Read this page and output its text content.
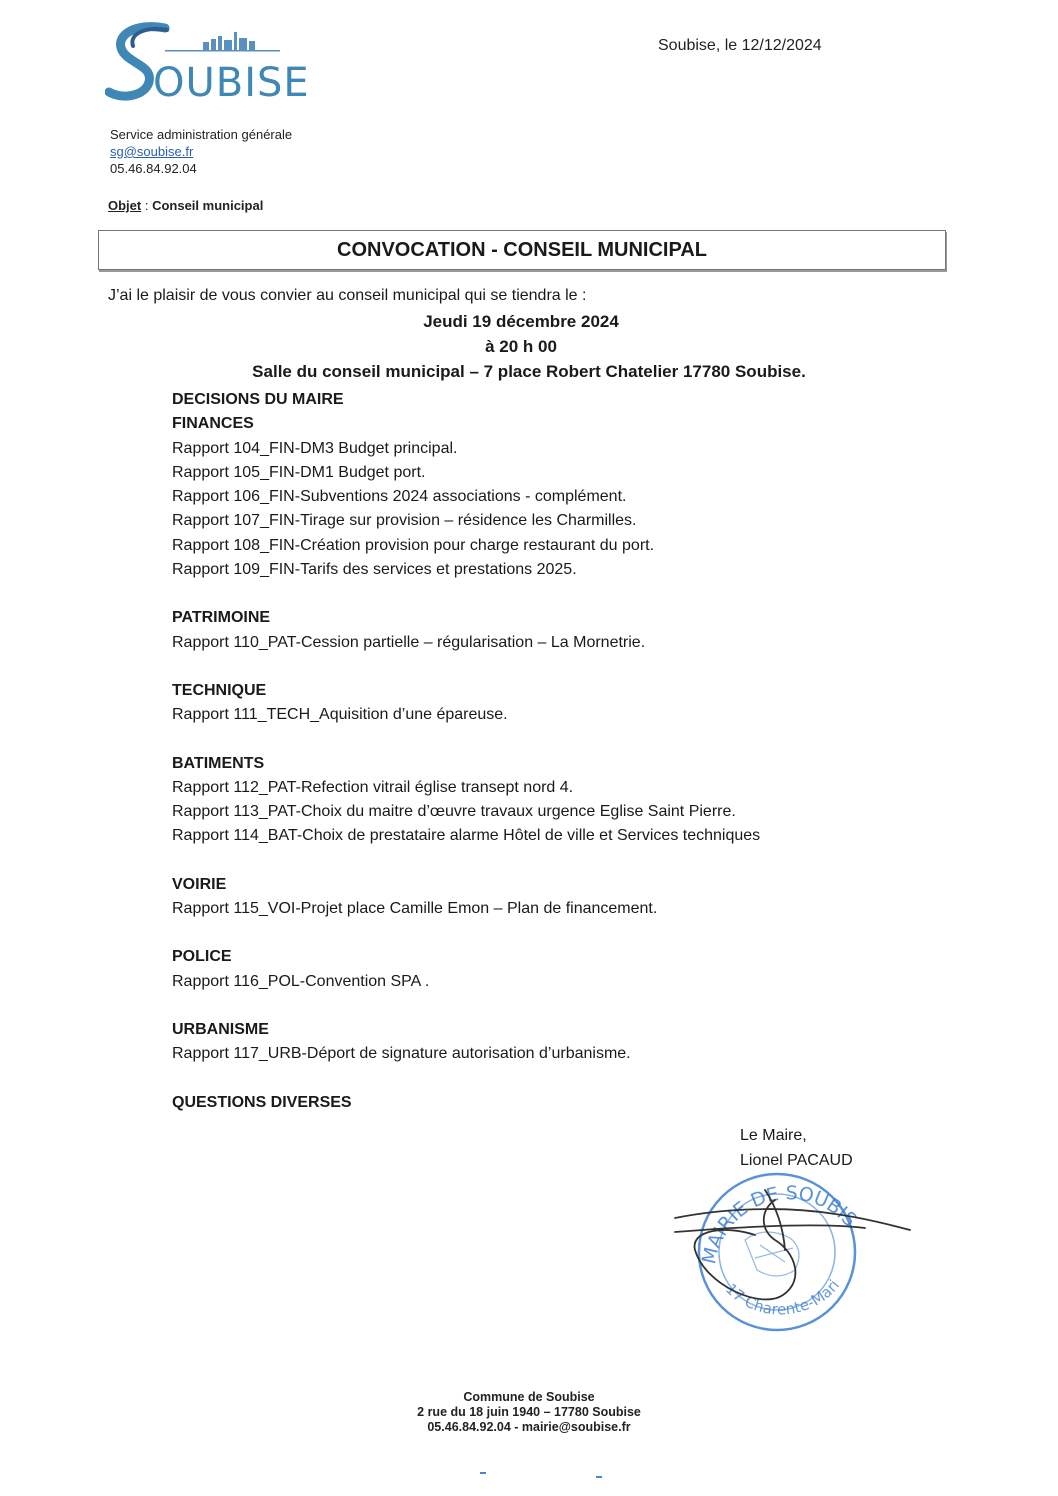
OUBISE
Soubise, le 12/12/2024
Service administration générale
sg@soubise.fr
05.46.84.92.04
Objet : Conseil municipal
CONVOCATION - CONSEIL MUNICIPAL
J’ai le plaisir de vous convier au conseil municipal qui se tiendra le :
Jeudi 19 décembre 2024
à 20 h 00
Salle du conseil municipal – 7 place Robert Chatelier 17780 Soubise.
DECISIONS DU MAIRE
FINANCES
Rapport 104_FIN-DM3 Budget principal.
Rapport 105_FIN-DM1 Budget port.
Rapport 106_FIN-Subventions 2024 associations - complément.
Rapport 107_FIN-Tirage sur provision – résidence les Charmilles.
Rapport 108_FIN-Création provision pour charge restaurant du port.
Rapport 109_FIN-Tarifs des services et prestations 2025.
PATRIMOINE
Rapport 110_PAT-Cession partielle – régularisation – La Mornetrie.
TECHNIQUE
Rapport 111_TECH_Aquisition d’une épareuse.
BATIMENTS
Rapport 112_PAT-Refection vitrail église transept nord 4.
Rapport 113_PAT-Choix du maitre d’œuvre travaux urgence Eglise Saint Pierre.
Rapport 114_BAT-Choix de prestataire alarme Hôtel de ville et Services techniques
VOIRIE
Rapport 115_VOI-Projet place Camille Emon – Plan de financement.
POLICE
Rapport 116_POL-Convention SPA .
URBANISME
Rapport 117_URB-Déport de signature autorisation d’urbanisme.
QUESTIONS DIVERSES
Le Maire,
Lionel PACAUD
MAIRIE DE SOUBIS
17 Charente-Mari
Commune de Soubise
2 rue du 18 juin 1940 – 17780 Soubise
05.46.84.92.04 - mairie@soubise.fr
